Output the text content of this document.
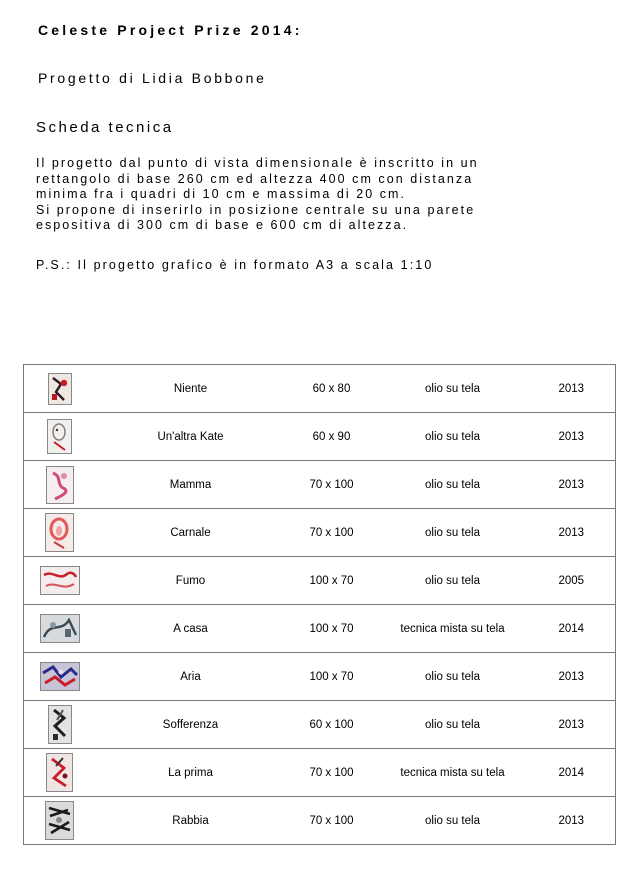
Celeste Project Prize 2014:
Progetto di Lidia Bobbone
Scheda tecnica

Il progetto dal punto di vista dimensionale è inscritto in un
rettangolo di base 260 cm ed altezza 400 cm con distanza
minima fra i quadri di 10 cm e massima di 20 cm.
Si propone di inserirlo in posizione centrale su una parete
espositiva di 300 cm di base e 600 cm di altezza.

P.S.: Il progetto grafico è in formato A3 a scala 1:10

	Niente	60 x 80	olio su tela	2013

	Un'altra Kate	60 x 90	olio su tela	2013

	Mamma	70 x 100	olio su tela	2013

	Carnale	70 x 100	olio su tela	2013

	Fumo	100 x 70	olio su tela	2005

	A casa	100 x 70	tecnica mista su tela	2014

	Aria	100 x 70	olio su tela	2013

	Sofferenza	60 x 100	olio su tela	2013

	La prima	70 x 100	tecnica mista su tela	2014

	Rabbia	70 x 100	olio su tela	2013
